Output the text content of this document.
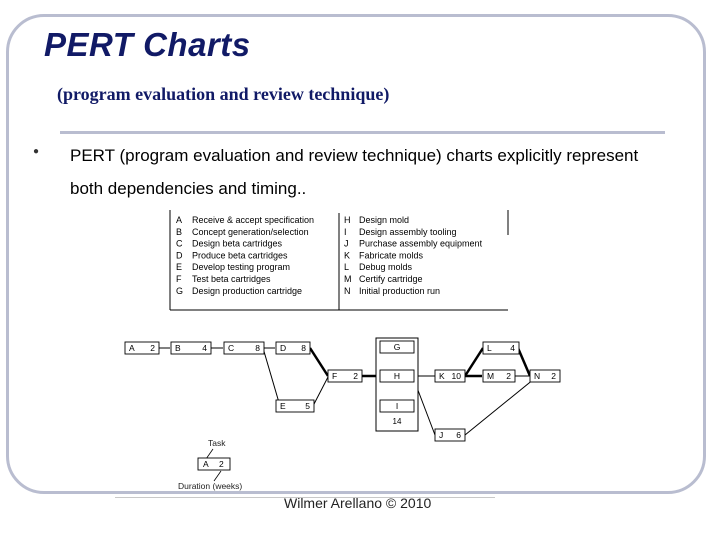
PERT Charts
(program evaluation and review technique)
● PERT (program evaluation and review technique) charts explicitly represent
both dependencies and timing..
A Receive & accept specification
B Concept generation/selection
C Design beta cartridges
D Produce beta cartridges
E Develop testing program
F Test beta cartridges
G Design production cartridge
H Design mold
I Design assembly tooling
J Purchase assembly equipment
K Fabricate molds
L Debug molds
M Certify cartridge
N Initial production run
14
A 2 B	4 C 8 D 8
E 5
F 2
G
H
I
J 6
K 10
L 4
M 2	N 2
Task
A 2
Duration (weeks)
Wilmer Arellano © 2010
